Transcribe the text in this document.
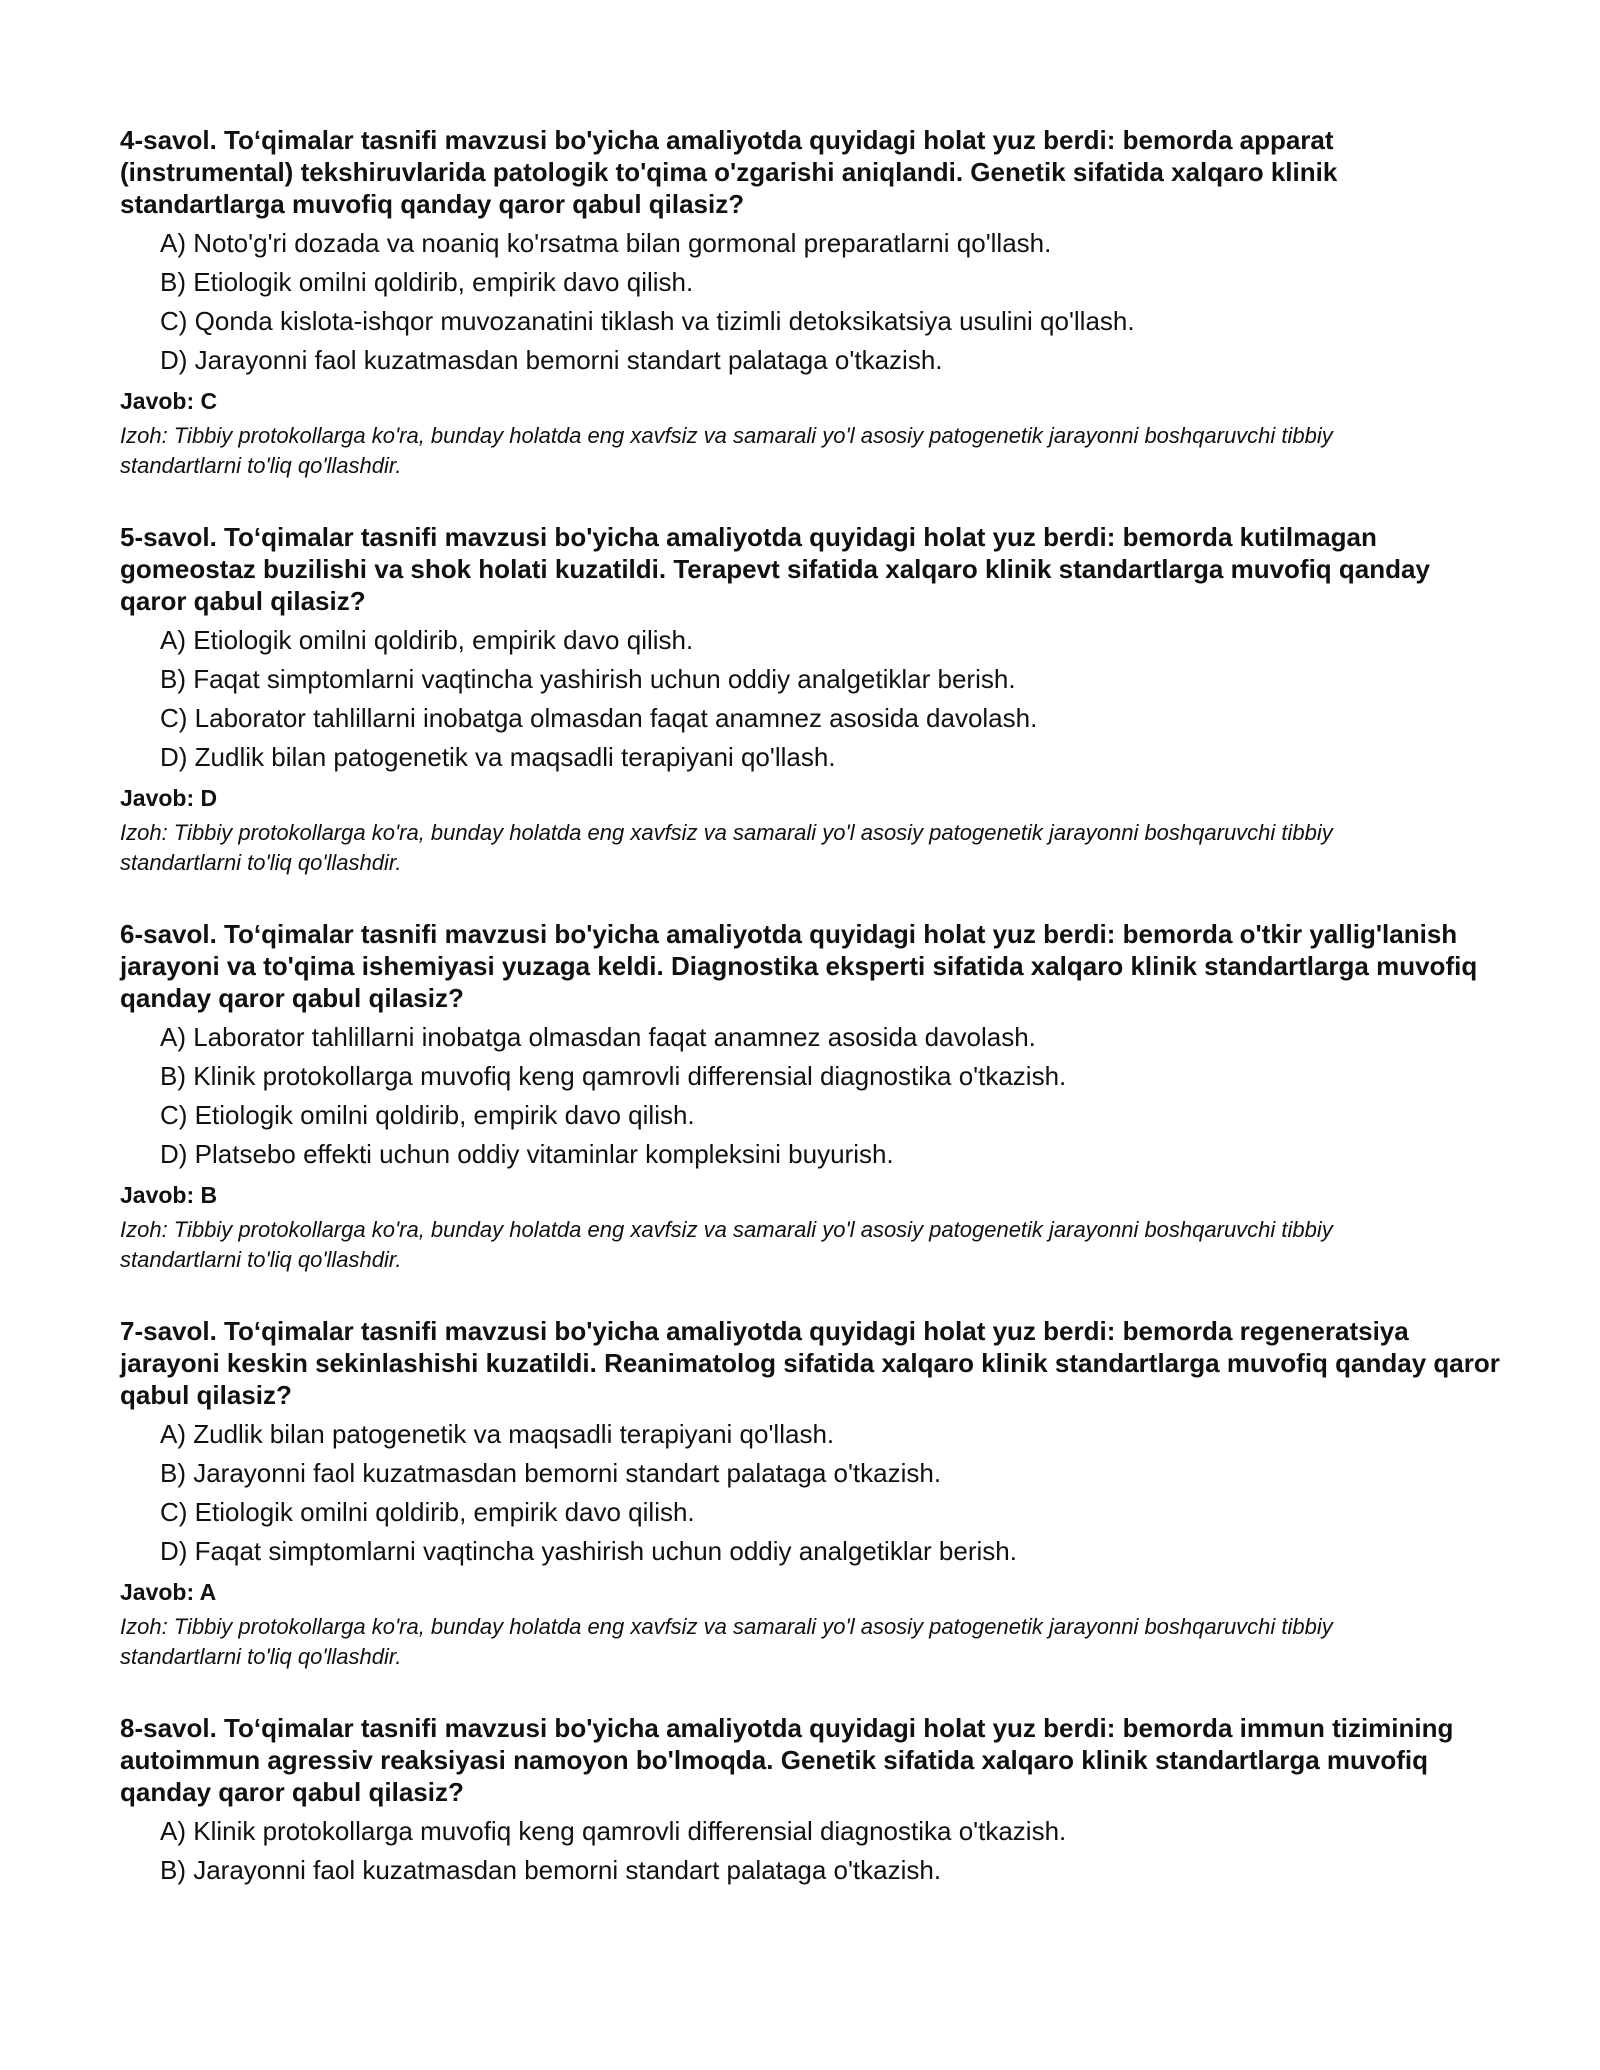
4-savol. To‘qimalar tasnifi mavzusi bo'yicha amaliyotda quyidagi holat yuz berdi: bemorda apparat (instrumental) tekshiruvlarida patologik to'qima o'zgarishi aniqlandi. Genetik sifatida xalqaro klinik standartlarga muvofiq qanday qaror qabul qilasiz?

A) Noto'g'ri dozada va noaniq ko'rsatma bilan gormonal preparatlarni qo'llash.
B) Etiologik omilni qoldirib, empirik davo qilish.
C) Qonda kislota-ishqor muvozanatini tiklash va tizimli detoksikatsiya usulini qo'llash.
D) Jarayonni faol kuzatmasdan bemorni standart palataga o'tkazish.

Javob: C

Izoh: Tibbiy protokollarga ko'ra, bunday holatda eng xavfsiz va samarali yo'l asosiy patogenetik jarayonni boshqaruvchi tibbiy standartlarni to'liq qo'llashdir.

5-savol. To‘qimalar tasnifi mavzusi bo'yicha amaliyotda quyidagi holat yuz berdi: bemorda kutilmagan gomeostaz buzilishi va shok holati kuzatildi. Terapevt sifatida xalqaro klinik standartlarga muvofiq qanday qaror qabul qilasiz?

A) Etiologik omilni qoldirib, empirik davo qilish.
B) Faqat simptomlarni vaqtincha yashirish uchun oddiy analgetiklar berish.
C) Laborator tahlillarni inobatga olmasdan faqat anamnez asosida davolash.
D) Zudlik bilan patogenetik va maqsadli terapiyani qo'llash.

Javob: D

Izoh: Tibbiy protokollarga ko'ra, bunday holatda eng xavfsiz va samarali yo'l asosiy patogenetik jarayonni boshqaruvchi tibbiy standartlarni to'liq qo'llashdir.

6-savol. To‘qimalar tasnifi mavzusi bo'yicha amaliyotda quyidagi holat yuz berdi: bemorda o'tkir yallig'lanish jarayoni va to'qima ishemiyasi yuzaga keldi. Diagnostika eksperti sifatida xalqaro klinik standartlarga muvofiq qanday qaror qabul qilasiz?

A) Laborator tahlillarni inobatga olmasdan faqat anamnez asosida davolash.
B) Klinik protokollarga muvofiq keng qamrovli differensial diagnostika o'tkazish.
C) Etiologik omilni qoldirib, empirik davo qilish.
D) Platsebo effekti uchun oddiy vitaminlar kompleksini buyurish.

Javob: B

Izoh: Tibbiy protokollarga ko'ra, bunday holatda eng xavfsiz va samarali yo'l asosiy patogenetik jarayonni boshqaruvchi tibbiy standartlarni to'liq qo'llashdir.

7-savol. To‘qimalar tasnifi mavzusi bo'yicha amaliyotda quyidagi holat yuz berdi: bemorda regeneratsiya jarayoni keskin sekinlashishi kuzatildi. Reanimatolog sifatida xalqaro klinik standartlarga muvofiq qanday qaror qabul qilasiz?

A) Zudlik bilan patogenetik va maqsadli terapiyani qo'llash.
B) Jarayonni faol kuzatmasdan bemorni standart palataga o'tkazish.
C) Etiologik omilni qoldirib, empirik davo qilish.
D) Faqat simptomlarni vaqtincha yashirish uchun oddiy analgetiklar berish.

Javob: A

Izoh: Tibbiy protokollarga ko'ra, bunday holatda eng xavfsiz va samarali yo'l asosiy patogenetik jarayonni boshqaruvchi tibbiy standartlarni to'liq qo'llashdir.

8-savol. To‘qimalar tasnifi mavzusi bo'yicha amaliyotda quyidagi holat yuz berdi: bemorda immun tizimining autoimmun agressiv reaksiyasi namoyon bo'lmoqda. Genetik sifatida xalqaro klinik standartlarga muvofiq qanday qaror qabul qilasiz?

A) Klinik protokollarga muvofiq keng qamrovli differensial diagnostika o'tkazish.
B) Jarayonni faol kuzatmasdan bemorni standart palataga o'tkazish.
